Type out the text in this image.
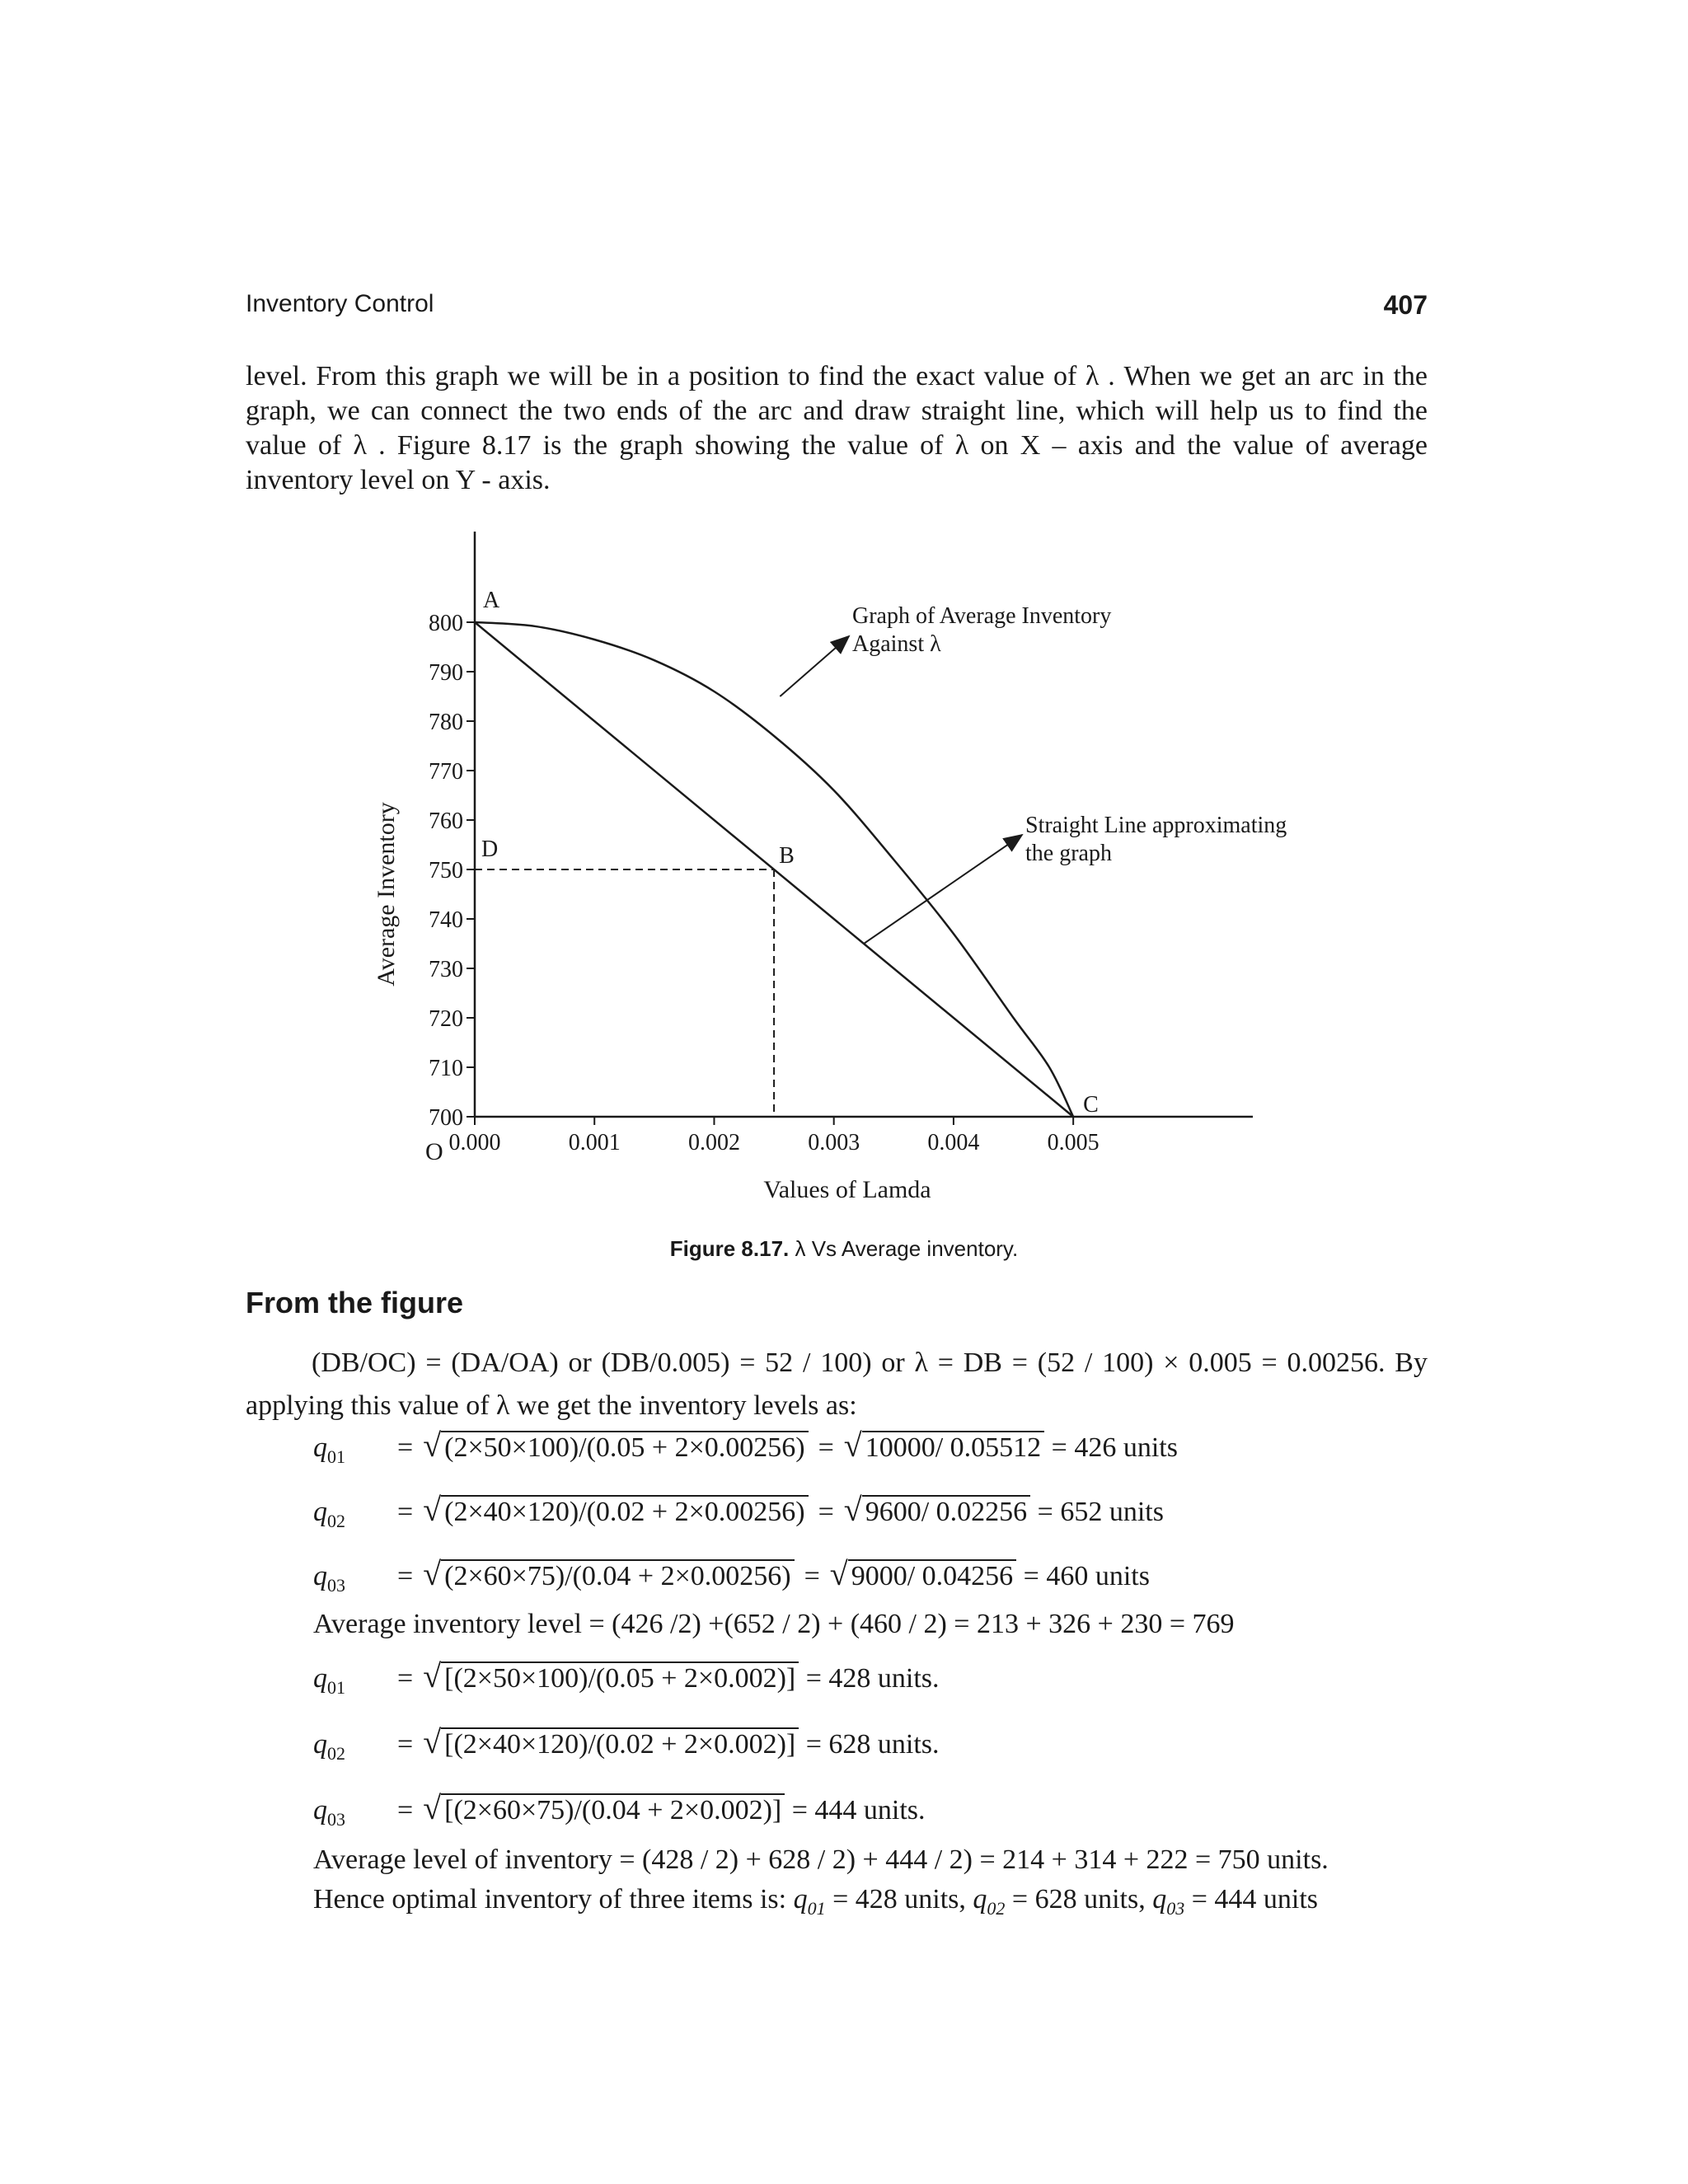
Inventory Control	407
level. From this graph we will be in a position to find the exact value of λ . When we get an arc in the
graph, we can connect the two ends of the arc and draw straight line, which will help us to find the
value of λ . Figure 8.17 is the graph showing the value of λ on X – axis and the value of average
inventory level on Y - axis.
700
710
720
730
740
750
760
770
780
790
800
0.000	0.001	0.002	0.003	0.004	0.005
A
B
C
D
Graph of Average Inventory
Against λ
Straight Line approximating
the graph
O
Values of Lamda
Average Inventory
Figure 8.17. λ Vs Average inventory.
From the figure
(DB/OC) = (DA/OA) or (DB/0.005) = 52 / 100) or λ = DB = (52 / 100) × 0.005 = 0.00256. By
applying this value of λ we get the inventory levels as:
$q_{01}$ = √ (2×50×100)/(0.05 + 2×0.00256) = √ 10000/ 0.05512 = 426 units
$q_{02}$ = √ (2×40×120)/(0.02 + 2×0.00256) = √ 9600/ 0.02256 = 652 units
$q_{03}$ = √ (2×60×75)/(0.04 + 2×0.00256) = √ 9000/ 0.04256 = 460 units
Average inventory level = (426 /2) +(652 / 2) + (460 / 2) = 213 + 326 + 230 = 769
$q_{01}$ = √ [(2×50×100)/(0.05 + 2×0.002)] = 428 units.
$q_{02}$ = √ [(2×40×120)/(0.02 + 2×0.002)] = 628 units.
$q_{03}$ = √ [(2×60×75)/(0.04 + 2×0.002)] = 444 units.
Average level of inventory = (428 / 2) + 628 / 2) + 444 / 2) = 214 + 314 + 222 = 750 units.
Hence optimal inventory of three items is: $q_{01} = 428$ units, $q_{02} = 628$ units, $q_{03} = 444$ units
